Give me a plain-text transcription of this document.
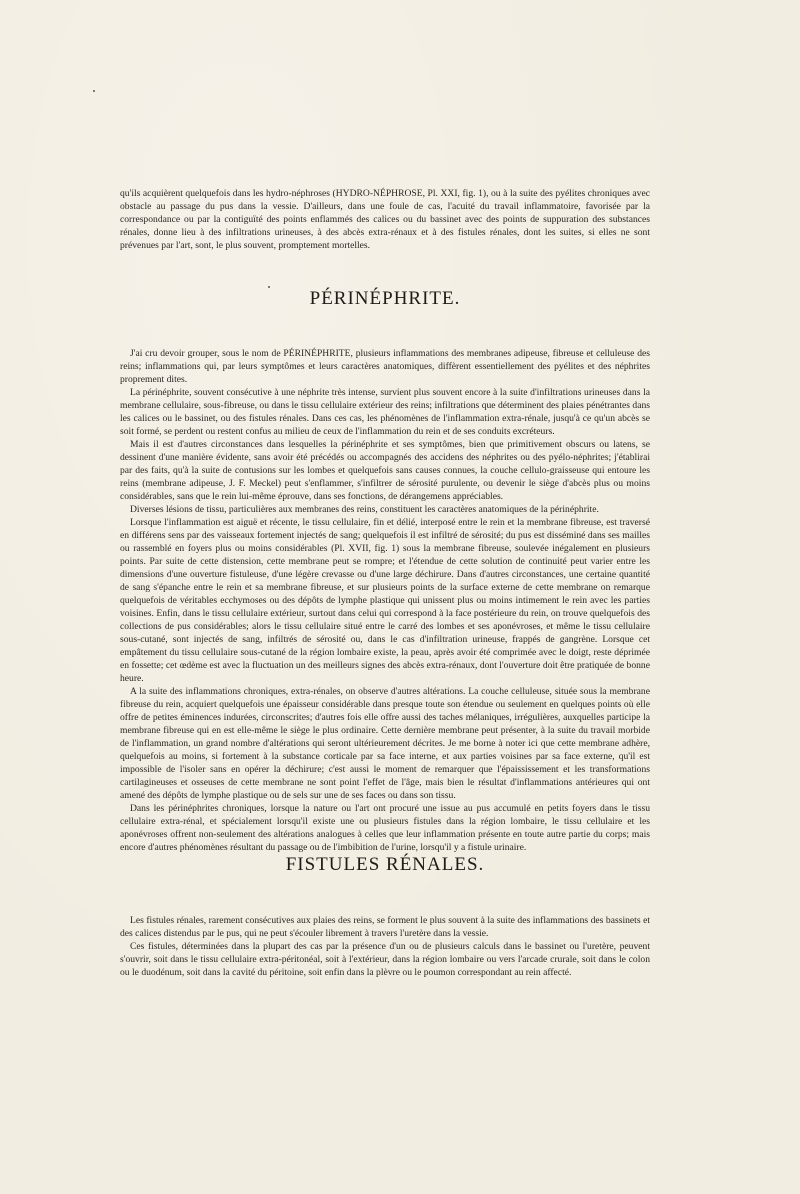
qu'ils acquièrent quelquefois dans les hydro-néphroses (HYDRO-NÉPHROSE, Pl. XXI, fig. 1), ou à la suite des pyélites chroniques avec obstacle au passage du pus dans la vessie. D'ailleurs, dans une foule de cas, l'acuité du travail inflammatoire, favorisée par la correspondance ou par la contiguïté des points enflammés des calices ou du bassinet avec des points de suppuration des substances rénales, donne lieu à des infiltrations urineuses, à des abcès extra-rénaux et à des fistules rénales, dont les suites, si elles ne sont prévenues par l'art, sont, le plus souvent, promptement mortelles.

PÉRINÉPHRITE.

J'ai cru devoir grouper, sous le nom de PÉRINÉPHRITE, plusieurs inflammations des membranes adipeuse, fibreuse et celluleuse des reins; inflammations qui, par leurs symptômes et leurs caractères anatomiques, diffèrent essentiellement des pyélites et des néphrites proprement dites.

La périnéphrite, souvent consécutive à une néphrite très intense, survient plus souvent encore à la suite d'infiltrations urineuses dans la membrane cellulaire, sous-fibreuse, ou dans le tissu cellulaire extérieur des reins; infiltrations que déterminent des plaies pénétrantes dans les calices ou le bassinet, ou des fistules rénales. Dans ces cas, les phénomènes de l'inflammation extra-rénale, jusqu'à ce qu'un abcès se soit formé, se perdent ou restent confus au milieu de ceux de l'inflammation du rein et de ses conduits excréteurs.

Mais il est d'autres circonstances dans lesquelles la périnéphrite et ses symptômes, bien que primitivement obscurs ou latens, se dessinent d'une manière évidente, sans avoir été précédés ou accompagnés des accidens des néphrites ou des pyélo-néphrites; j'établirai par des faits, qu'à la suite de contusions sur les lombes et quelquefois sans causes connues, la couche cellulo-graisseuse qui entoure les reins (membrane adipeuse, J. F. Meckel) peut s'enflammer, s'infiltrer de sérosité purulente, ou devenir le siège d'abcès plus ou moins considérables, sans que le rein lui-même éprouve, dans ses fonctions, de dérangemens appréciables.

Diverses lésions de tissu, particulières aux membranes des reins, constituent les caractères anatomiques de la périnéphrite.

Lorsque l'inflammation est aiguë et récente, le tissu cellulaire, fin et délié, interposé entre le rein et la membrane fibreuse, est traversé en différens sens par des vaisseaux fortement injectés de sang; quelquefois il est infiltré de sérosité; du pus est disséminé dans ses mailles ou rassemblé en foyers plus ou moins considérables (Pl. XVII, fig. 1) sous la membrane fibreuse, soulevée inégalement en plusieurs points. Par suite de cette distension, cette membrane peut se rompre; et l'étendue de cette solution de continuité peut varier entre les dimensions d'une ouverture fistuleuse, d'une légère crevasse ou d'une large déchirure. Dans d'autres circonstances, une certaine quantité de sang s'épanche entre le rein et sa membrane fibreuse, et sur plusieurs points de la surface externe de cette membrane on remarque quelquefois de véritables ecchymoses ou des dépôts de lymphe plastique qui unissent plus ou moins intimement le rein avec les parties voisines. Enfin, dans le tissu cellulaire extérieur, surtout dans celui qui correspond à la face postérieure du rein, on trouve quelquefois des collections de pus considérables; alors le tissu cellulaire situé entre le carré des lombes et ses aponévroses, et même le tissu cellulaire sous-cutané, sont injectés de sang, infiltrés de sérosité ou, dans le cas d'infiltration urineuse, frappés de gangrène. Lorsque cet empâtement du tissu cellulaire sous-cutané de la région lombaire existe, la peau, après avoir été comprimée avec le doigt, reste déprimée en fossette; cet œdème est avec la fluctuation un des meilleurs signes des abcès extra-rénaux, dont l'ouverture doit être pratiquée de bonne heure.

A la suite des inflammations chroniques, extra-rénales, on observe d'autres altérations. La couche celluleuse, située sous la membrane fibreuse du rein, acquiert quelquefois une épaisseur considérable dans presque toute son étendue ou seulement en quelques points où elle offre de petites éminences indurées, circonscrites; d'autres fois elle offre aussi des taches mélaniques, irrégulières, auxquelles participe la membrane fibreuse qui en est elle-même le siège le plus ordinaire. Cette dernière membrane peut présenter, à la suite du travail morbide de l'inflammation, un grand nombre d'altérations qui seront ultérieurement décrites. Je me borne à noter ici que cette membrane adhère, quelquefois au moins, si fortement à la substance corticale par sa face interne, et aux parties voisines par sa face externe, qu'il est impossible de l'isoler sans en opérer la déchirure; c'est aussi le moment de remarquer que l'épaississement et les transformations cartilagineuses et osseuses de cette membrane ne sont point l'effet de l'âge, mais bien le résultat d'inflammations antérieures qui ont amené des dépôts de lymphe plastique ou de sels sur une de ses faces ou dans son tissu.

Dans les périnéphrites chroniques, lorsque la nature ou l'art ont procuré une issue au pus accumulé en petits foyers dans le tissu cellulaire extra-rénal, et spécialement lorsqu'il existe une ou plusieurs fistules dans la région lombaire, le tissu cellulaire et les aponévroses offrent non-seulement des altérations analogues à celles que leur inflammation présente en toute autre partie du corps; mais encore d'autres phénomènes résultant du passage ou de l'imbibition de l'urine, lorsqu'il y a fistule urinaire.

FISTULES RÉNALES.

Les fistules rénales, rarement consécutives aux plaies des reins, se forment le plus souvent à la suite des inflammations des bassinets et des calices distendus par le pus, qui ne peut s'écouler librement à travers l'uretère dans la vessie.

Ces fistules, déterminées dans la plupart des cas par la présence d'un ou de plusieurs calculs dans le bassinet ou l'uretère, peuvent s'ouvrir, soit dans le tissu cellulaire extra-péritonéal, soit à l'extérieur, dans la région lombaire ou vers l'arcade crurale, soit dans le colon ou le duodénum, soit dans la cavité du péritoine, soit enfin dans la plèvre ou le poumon correspondant au rein affecté.
